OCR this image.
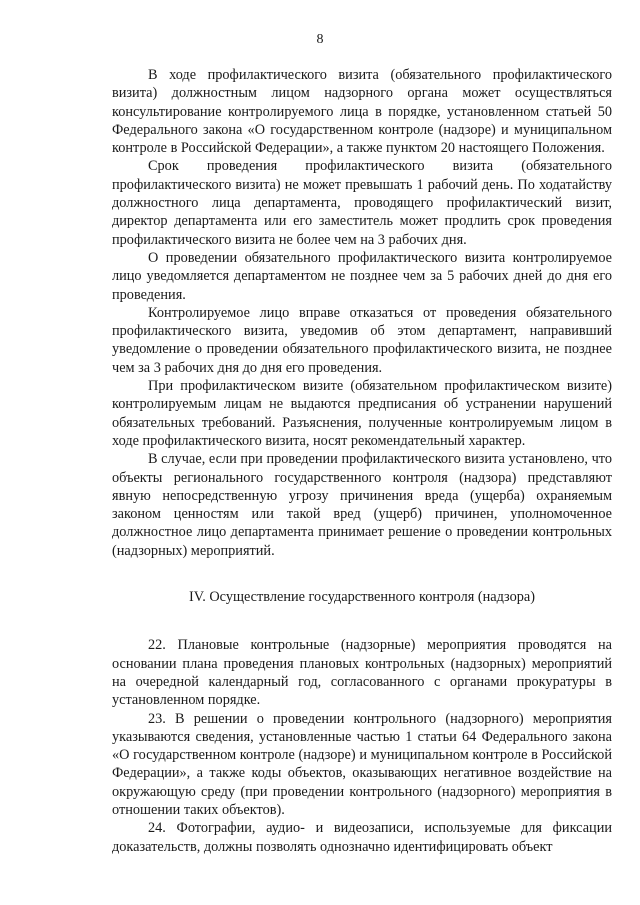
8

В ходе профилактического визита (обязательного профилактического визита) должностным лицом надзорного органа может осуществляться консультирование контролируемого лица в порядке, установленном статьей 50 Федерального закона «О государственном контроле (надзоре) и муниципальном контроле в Российской Федерации», а также пунктом 20 настоящего Положения.

Срок проведения профилактического визита (обязательного профилактического визита) не может превышать 1 рабочий день. По ходатайству должностного лица департамента, проводящего профилактический визит, директор департамента или его заместитель может продлить срок проведения профилактического визита не более чем на 3 рабочих дня.

О проведении обязательного профилактического визита контролируемое лицо уведомляется департаментом не позднее чем за 5 рабочих дней до дня его проведения.

Контролируемое лицо вправе отказаться от проведения обязательного профилактического визита, уведомив об этом департамент, направивший уведомление о проведении обязательного профилактического визита, не позднее чем за 3 рабочих дня до дня его проведения.

При профилактическом визите (обязательном профилактическом визите) контролируемым лицам не выдаются предписания об устранении нарушений обязательных требований. Разъяснения, полученные контролируемым лицом в ходе профилактического визита, носят рекомендательный характер.

В случае, если при проведении профилактического визита установлено, что объекты регионального государственного контроля (надзора) представляют явную непосредственную угрозу причинения вреда (ущерба) охраняемым законом ценностям или такой вред (ущерб) причинен, уполномоченное должностное лицо департамента принимает решение о проведении контрольных (надзорных) мероприятий.

IV. Осуществление государственного контроля (надзора)

22. Плановые контрольные (надзорные) мероприятия проводятся на основании плана проведения плановых контрольных (надзорных) мероприятий на очередной календарный год, согласованного с органами прокуратуры в установленном порядке.

23. В решении о проведении контрольного (надзорного) мероприятия указываются сведения, установленные частью 1 статьи 64 Федерального закона «О государственном контроле (надзоре) и муниципальном контроле в Российской Федерации», а также коды объектов, оказывающих негативное воздействие на окружающую среду (при проведении контрольного (надзорного) мероприятия в отношении таких объектов).

24. Фотографии, аудио- и видеозаписи, используемые для фиксации доказательств, должны позволять однозначно идентифицировать объект
